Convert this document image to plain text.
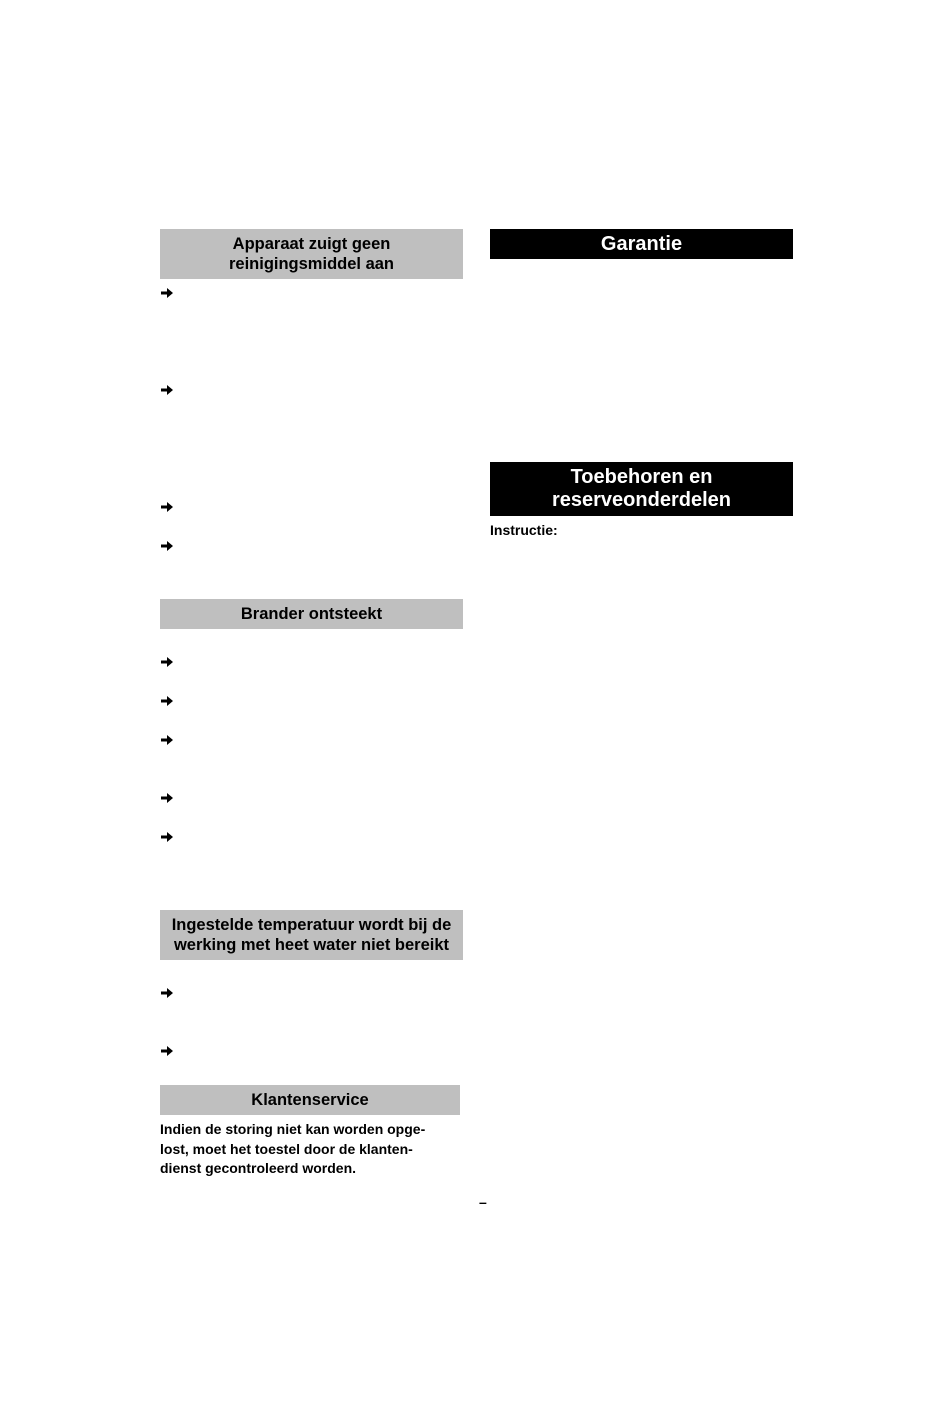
Apparaat zuigt geen
reinigingsmiddel aan
Brander ontsteekt
Ingestelde temperatuur wordt bij de
werking met heet water niet bereikt
Klantenservice
Indien de storing niet kan worden opge-
lost, moet het toestel door de klanten-
dienst gecontroleerd worden.
Garantie
Toebehoren en
reserveonderdelen
Instructie:
–
